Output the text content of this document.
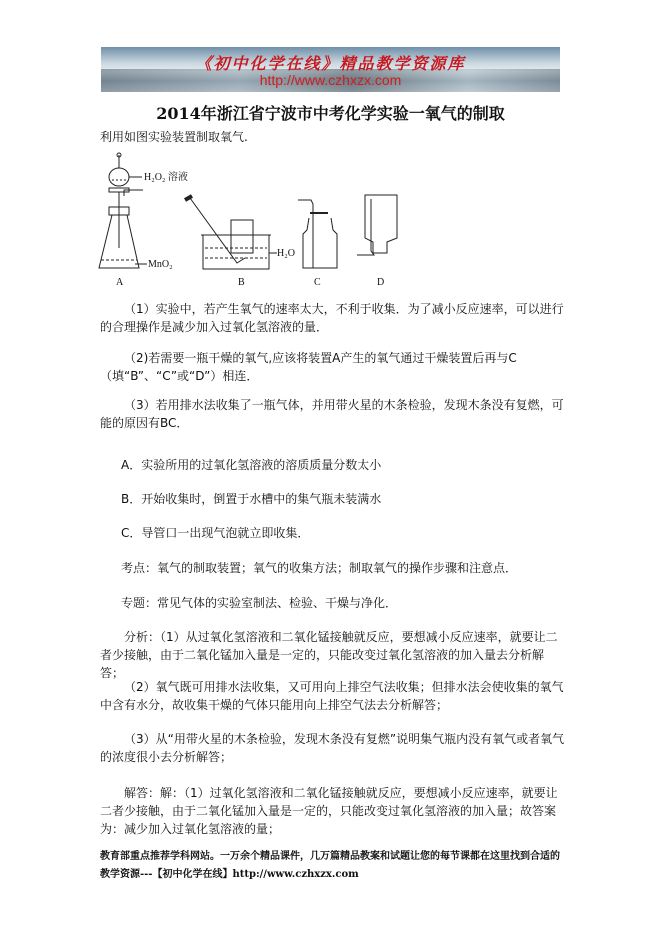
《初中化学在线》精品教学资源库
http://www.czhxzx.com
2014年浙江省宁波市中考化学实验一氧气的制取
利用如图实验装置制取氧气.
H₂O₂ 溶液
MnO₂
H₂O
A	B	C	D
（1）实验中，若产生氧气的速率太大，不利于收集．为了减小反应速率，可以进行的合理操作是减少加入过氧化氢溶液的量．
（2)若需要一瓶干燥的氧气,应该将装置A产生的氧气通过干燥装置后再与C（填“B”、“C”或“D”）相连．
（3）若用排水法收集了一瓶气体，并用带火星的木条检验，发现木条没有复燃，可能的原因有BC．
A．实验所用的过氧化氢溶液的溶质质量分数太小
B．开始收集时，倒置于水槽中的集气瓶未装满水
C．导管口一出现气泡就立即收集．
考点：氧气的制取装置；氧气的收集方法；制取氧气的操作步骤和注意点．
专题：常见气体的实验室制法、检验、干燥与净化．
分析：（1）从过氧化氢溶液和二氧化锰接触就反应，要想减小反应速率，就要让二者少接触，由于二氧化锰加入量是一定的，只能改变过氧化氢溶液的加入量去分析解答；
（2）氧气既可用排水法收集，又可用向上排空气法收集；但排水法会使收集的氧气中含有水分，故收集干燥的气体只能用向上排空气法去分析解答；
（3）从“用带火星的木条检验，发现木条没有复燃”说明集气瓶内没有氧气或者氧气的浓度很小去分析解答；
解答：解：（1）过氧化氢溶液和二氧化锰接触就反应，要想减小反应速率，就要让二者少接触，由于二氧化锰加入量是一定的，只能改变过氧化氢溶液的加入量；故答案为：减少加入过氧化氢溶液的量；
教育部重点推荐学科网站。一万余个精品课件，几万篇精品教案和试题让您的每节课都在这里找到合适的
教学资源---【初中化学在线】http://www.czhxzx.com
